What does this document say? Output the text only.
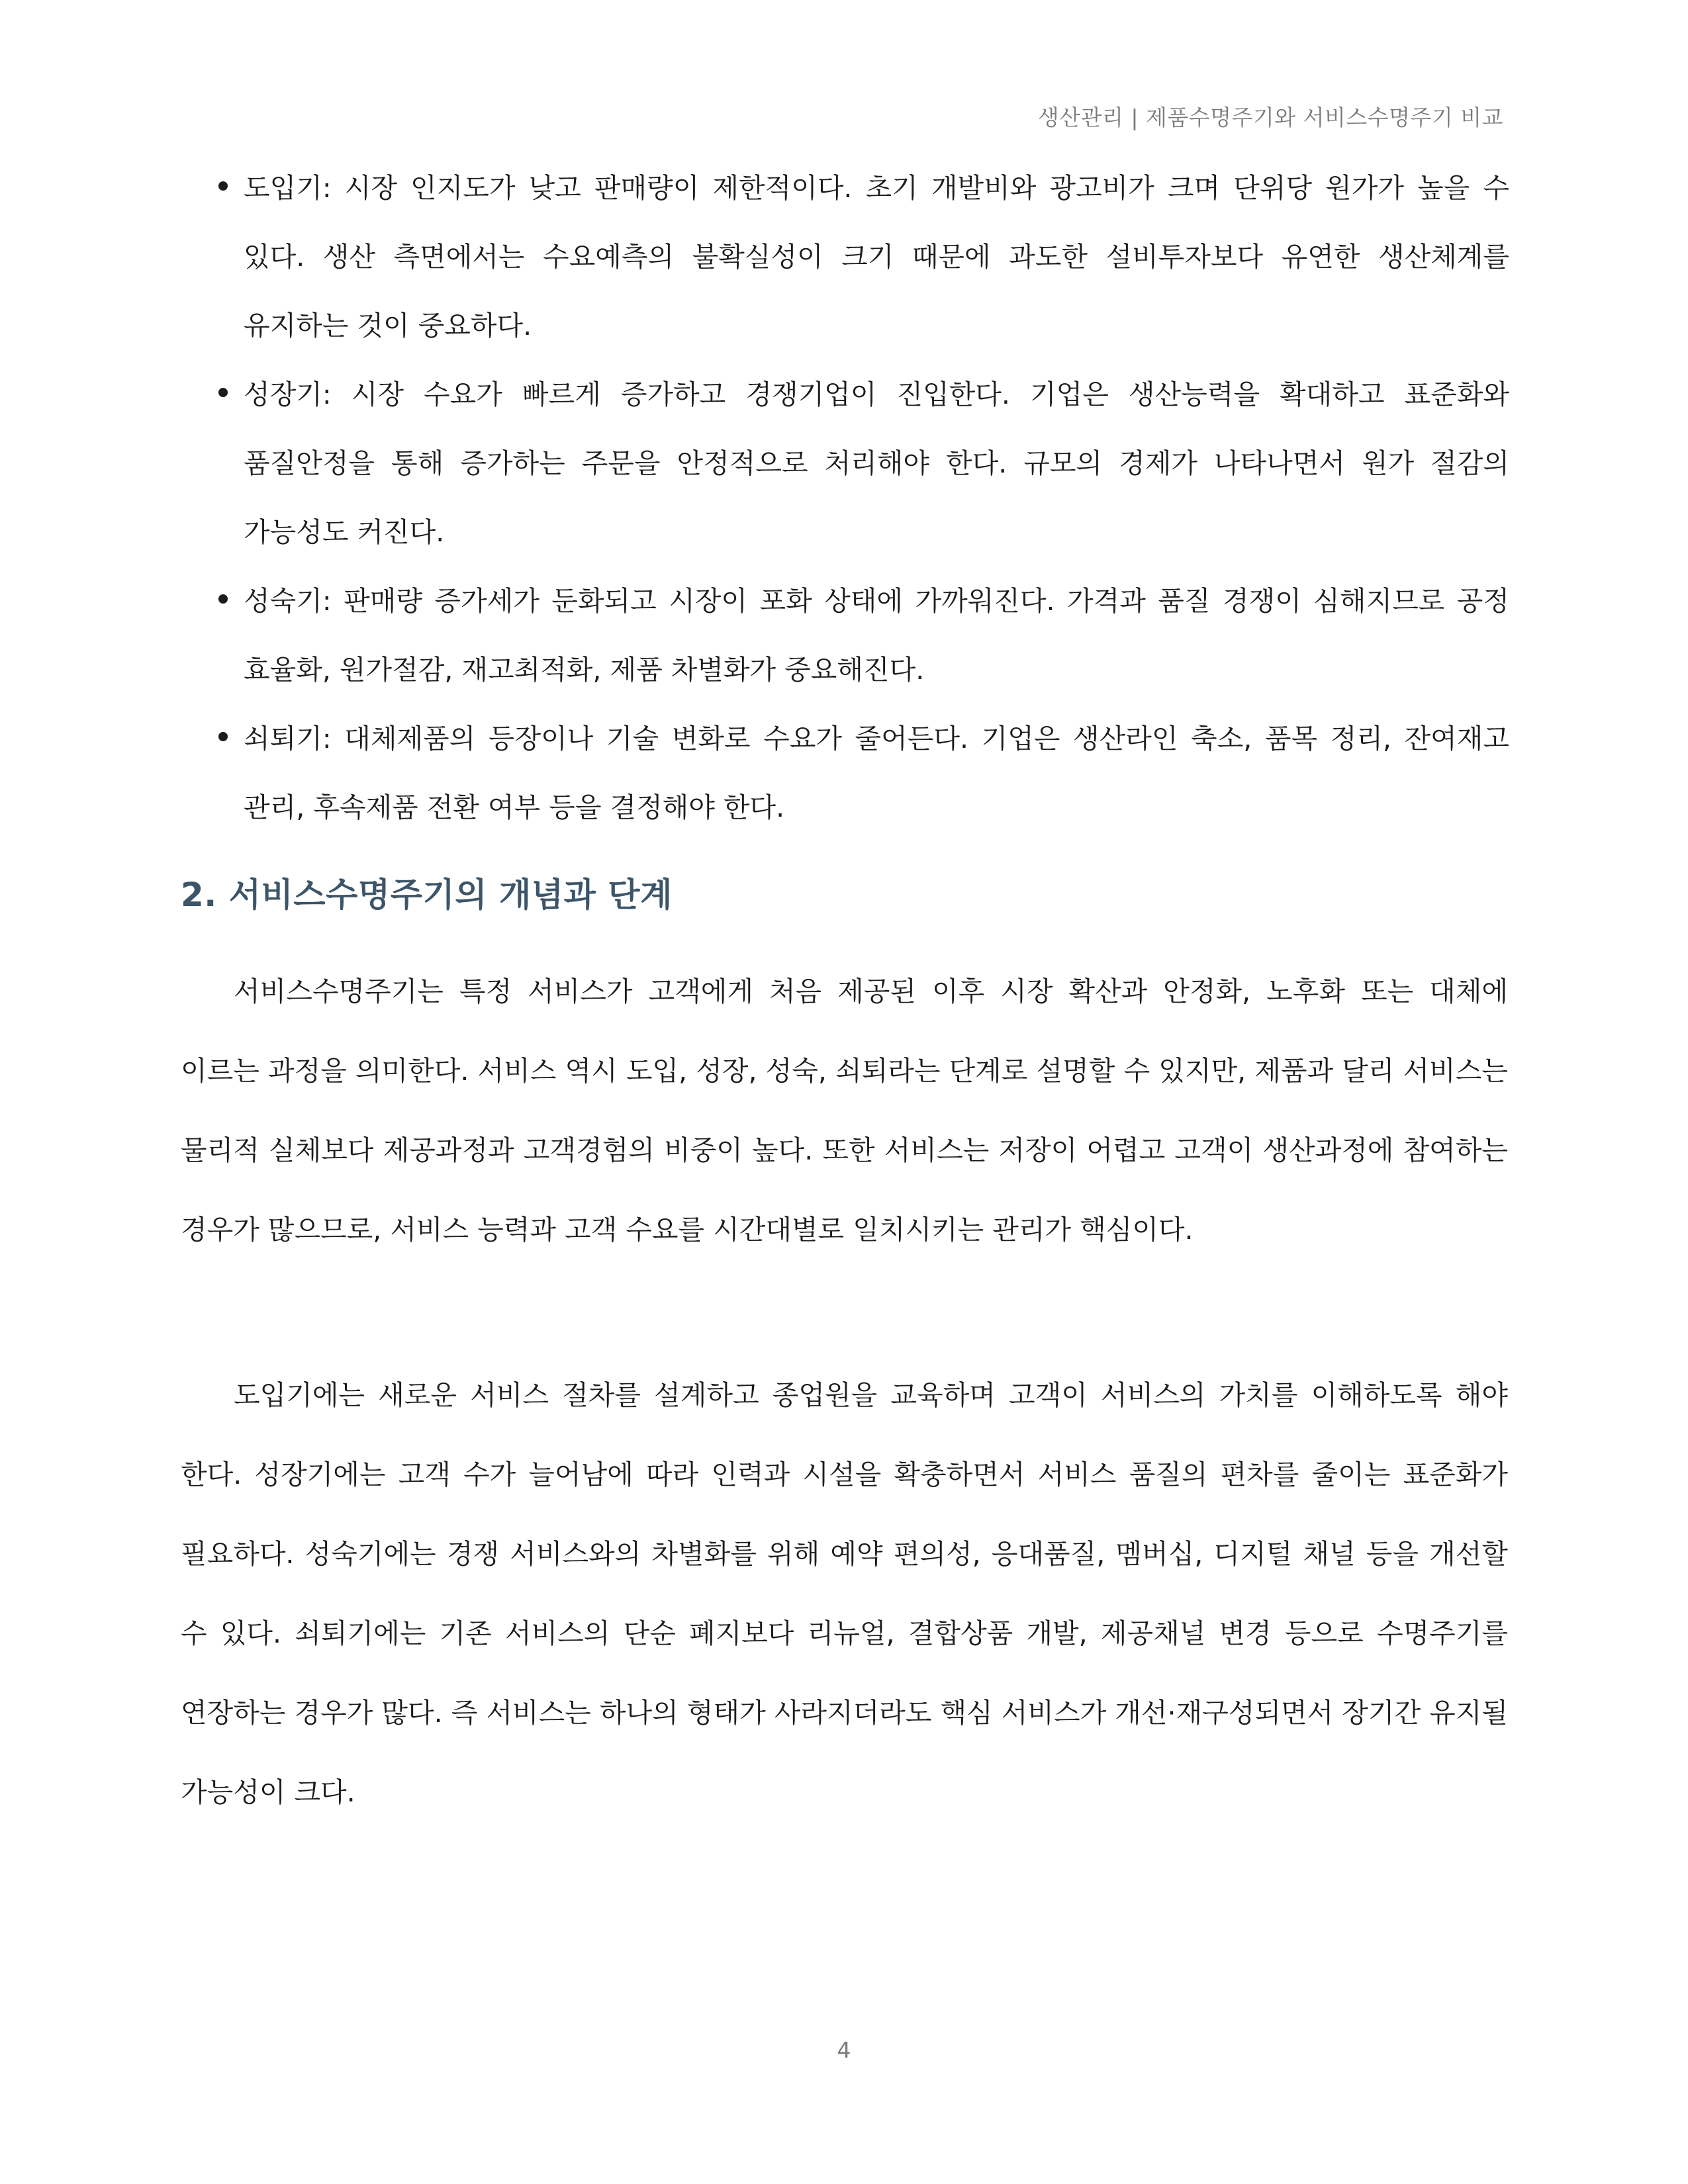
생산관리 | 제품수명주기와 서비스수명주기 비교
도입기: 시장 인지도가 낮고 판매량이 제한적이다. 초기 개발비와 광고비가 크며 단위당 원가가 높을 수 있다. 생산 측면에서는 수요예측의 불확실성이 크기 때문에 과도한 설비투자보다 유연한 생산체계를 유지하는 것이 중요하다.
성장기: 시장 수요가 빠르게 증가하고 경쟁기업이 진입한다. 기업은 생산능력을 확대하고 표준화와 품질안정을 통해 증가하는 주문을 안정적으로 처리해야 한다. 규모의 경제가 나타나면서 원가 절감의 가능성도 커진다.
성숙기: 판매량 증가세가 둔화되고 시장이 포화 상태에 가까워진다. 가격과 품질 경쟁이 심해지므로 공정 효율화, 원가절감, 재고최적화, 제품 차별화가 중요해진다.
쇠퇴기: 대체제품의 등장이나 기술 변화로 수요가 줄어든다. 기업은 생산라인 축소, 품목 정리, 잔여재고 관리, 후속제품 전환 여부 등을 결정해야 한다.
2. 서비스수명주기의 개념과 단계

서비스수명주기는 특정 서비스가 고객에게 처음 제공된 이후 시장 확산과 안정화, 노후화 또는 대체에 이르는 과정을 의미한다. 서비스 역시 도입, 성장, 성숙, 쇠퇴라는 단계로 설명할 수 있지만, 제품과 달리 서비스는 물리적 실체보다 제공과정과 고객경험의 비중이 높다. 또한 서비스는 저장이 어렵고 고객이 생산과정에 참여하는 경우가 많으므로, 서비스 능력과 고객 수요를 시간대별로 일치시키는 관리가 핵심이다.

도입기에는 새로운 서비스 절차를 설계하고 종업원을 교육하며 고객이 서비스의 가치를 이해하도록 해야 한다. 성장기에는 고객 수가 늘어남에 따라 인력과 시설을 확충하면서 서비스 품질의 편차를 줄이는 표준화가 필요하다. 성숙기에는 경쟁 서비스와의 차별화를 위해 예약 편의성, 응대품질, 멤버십, 디지털 채널 등을 개선할 수 있다. 쇠퇴기에는 기존 서비스의 단순 폐지보다 리뉴얼, 결합상품 개발, 제공채널 변경 등으로 수명주기를 연장하는 경우가 많다. 즉 서비스는 하나의 형태가 사라지더라도 핵심 서비스가 개선·재구성되면서 장기간 유지될 가능성이 크다.

4
